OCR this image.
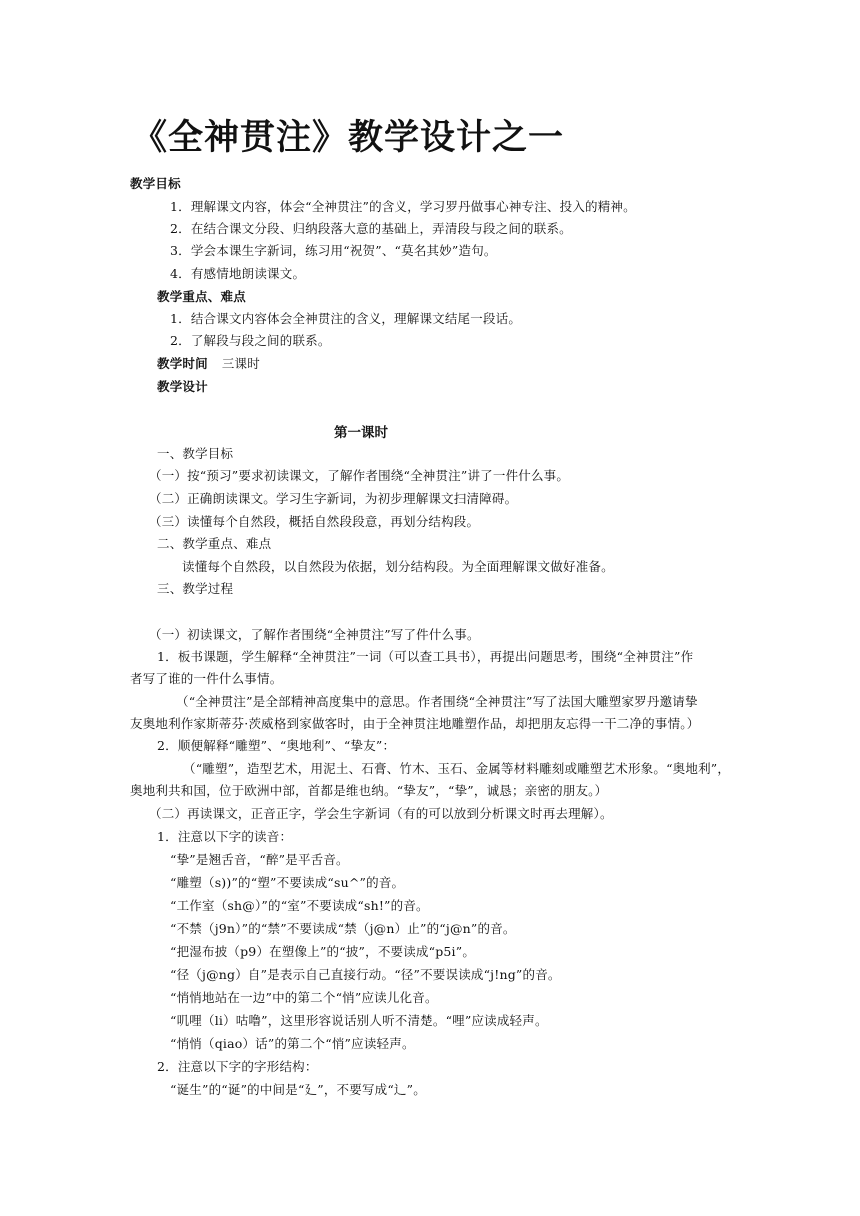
《全神贯注》教学设计之一
教学目标
1．理解课文内容，体会“全神贯注”的含义，学习罗丹做事心神专注、投入的精神。
2．在结合课文分段、归纳段落大意的基础上，弄清段与段之间的联系。
3．学会本课生字新词，练习用“祝贺”、“莫名其妙”造句。
4．有感情地朗读课文。
教学重点、难点
1．结合课文内容体会全神贯注的含义，理解课文结尾一段话。
2．了解段与段之间的联系。
教学时间 三课时
教学设计
第一课时
一、教学目标
（一）按“预习”要求初读课文，了解作者围绕“全神贯注”讲了一件什么事。
（二）正确朗读课文。学习生字新词，为初步理解课文扫清障碍。
（三）读懂每个自然段，概括自然段段意，再划分结构段。
二、教学重点、难点
读懂每个自然段，以自然段为依据，划分结构段。为全面理解课文做好准备。
三、教学过程
（一）初读课文，了解作者围绕“全神贯注”写了件什么事。
1．板书课题，学生解释“全神贯注”一词（可以查工具书），再提出问题思考，围绕“全神贯注”作
者写了谁的一件什么事情。
（“全神贯注”是全部精神高度集中的意思。作者围绕“全神贯注”写了法国大雕塑家罗丹邀请挚
友奥地利作家斯蒂芬·茨威格到家做客时，由于全神贯注地雕塑作品，却把朋友忘得一干二净的事情。）
2．顺便解释“雕塑”、“奥地利”、“挚友”：
（“雕塑”，造型艺术，用泥土、石膏、竹木、玉石、金属等材料雕刻或雕塑艺术形象。“奥地利”，
奥地利共和国，位于欧洲中部，首都是维也纳。“挚友”，“挚”，诚恳；亲密的朋友。）
（二）再读课文，正音正字，学会生字新词（有的可以放到分析课文时再去理解）。
1．注意以下字的读音：
“挚”是翘舌音，“醉”是平舌音。
“雕塑（s))”的“塑”不要读成“su^”的音。
“工作室（sh@）”的“室”不要读成“sh!”的音。
“不禁（j9n）”的“禁”不要读成“禁（j@n）止”的“j@n”的音。
“把湿布披（p9）在塑像上”的“披”，不要读成“p5i”。
“径（j@ng）自”是表示自己直接行动。“径”不要误读成“j!ng”的音。
“悄悄地站在一边”中的第二个“悄”应读儿化音。
“叽哩（li）咕噜”，这里形容说话别人听不清楚。“哩”应读成轻声。
“悄悄（qiao）话”的第二个“悄”应读轻声。
2．注意以下字的字形结构：
“诞生”的“诞”的中间是“廴”，不要写成“辶”。
